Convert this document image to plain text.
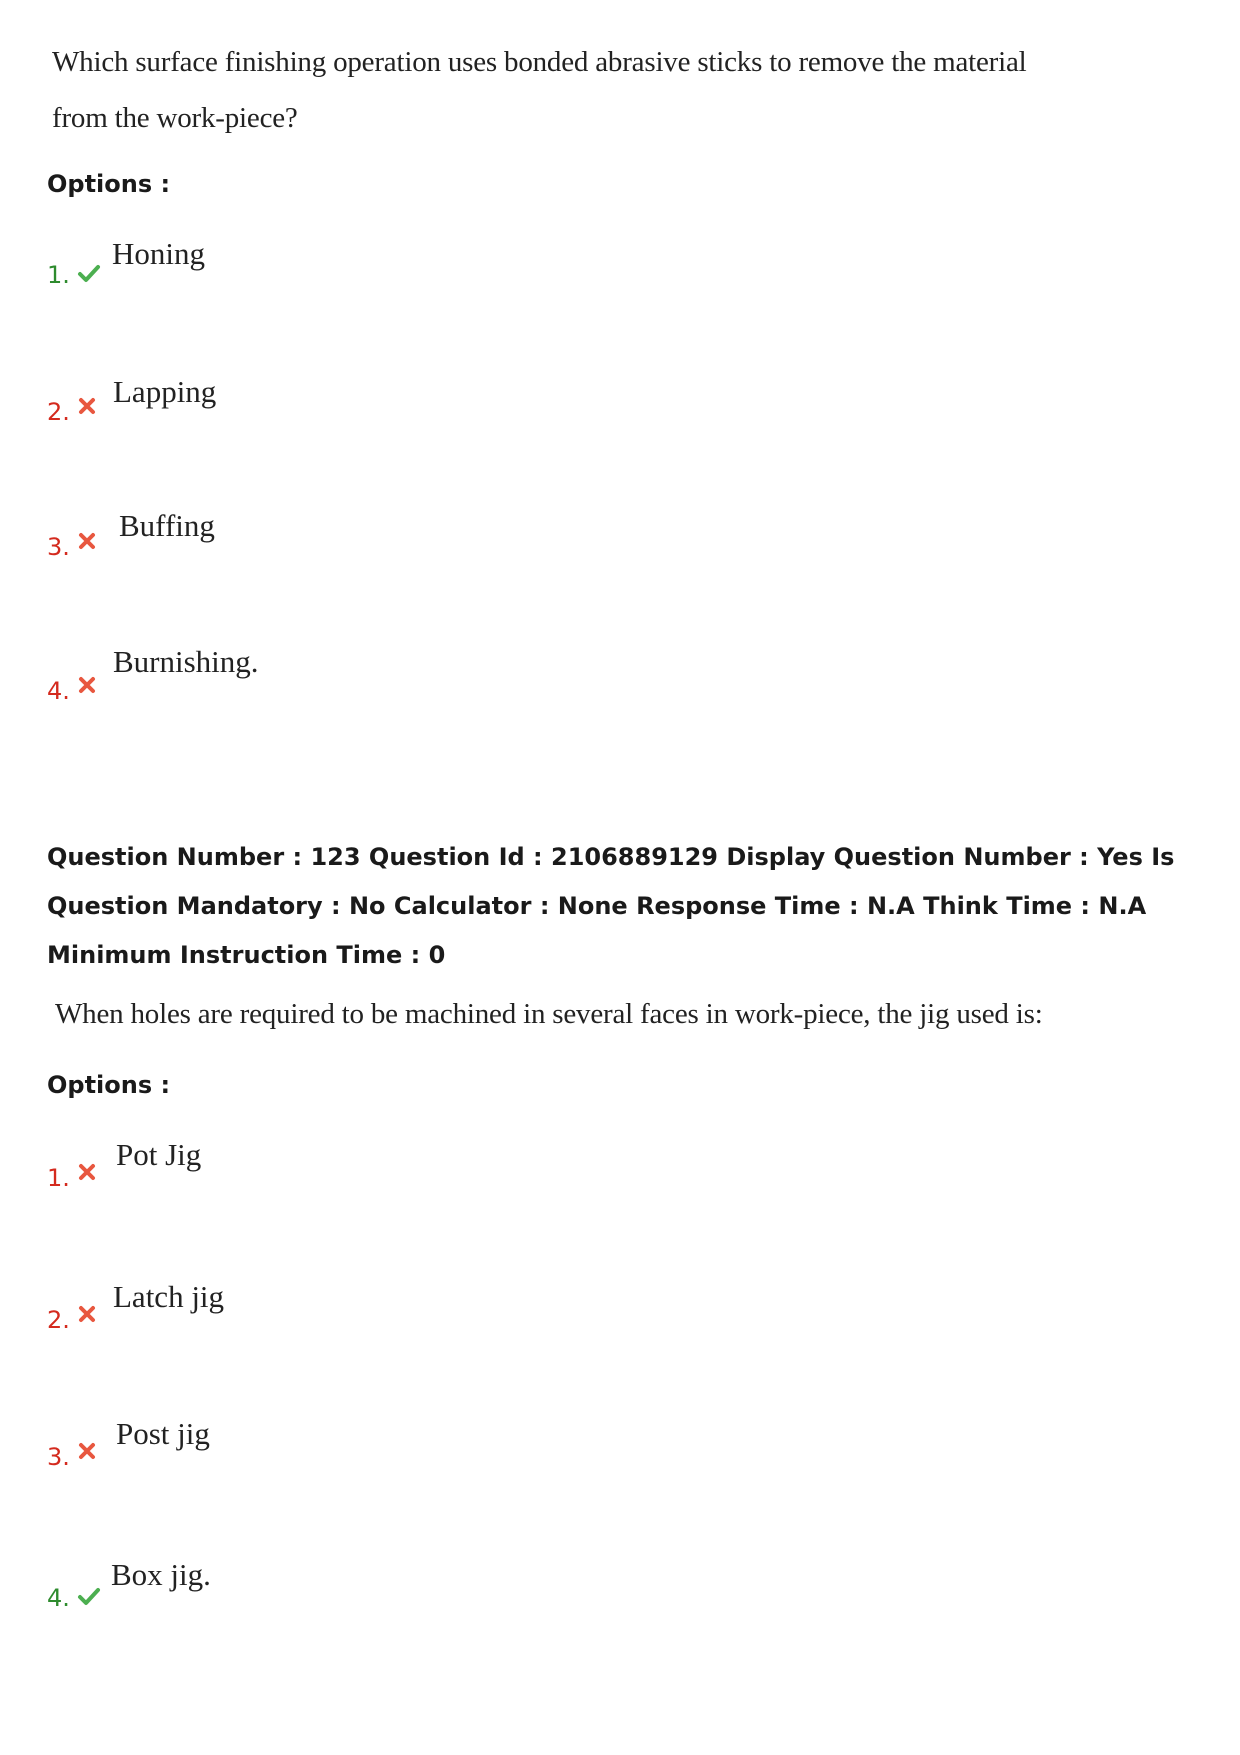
Which surface finishing operation uses bonded abrasive sticks to remove the material
from the work-piece?
Options :
1.
Honing
2.
Lapping
3.
Buffing
4.
Burnishing.
Question Number : 123 Question Id : 2106889129 Display Question Number : Yes Is Question Mandatory : No Calculator : None Response Time : N.A Think Time : N.A Minimum Instruction Time : 0
When holes are required to be machined in several faces in work-piece, the jig used is:
Options :
1.
Pot Jig
2.
Latch jig
3.
Post jig
4.
Box jig.
